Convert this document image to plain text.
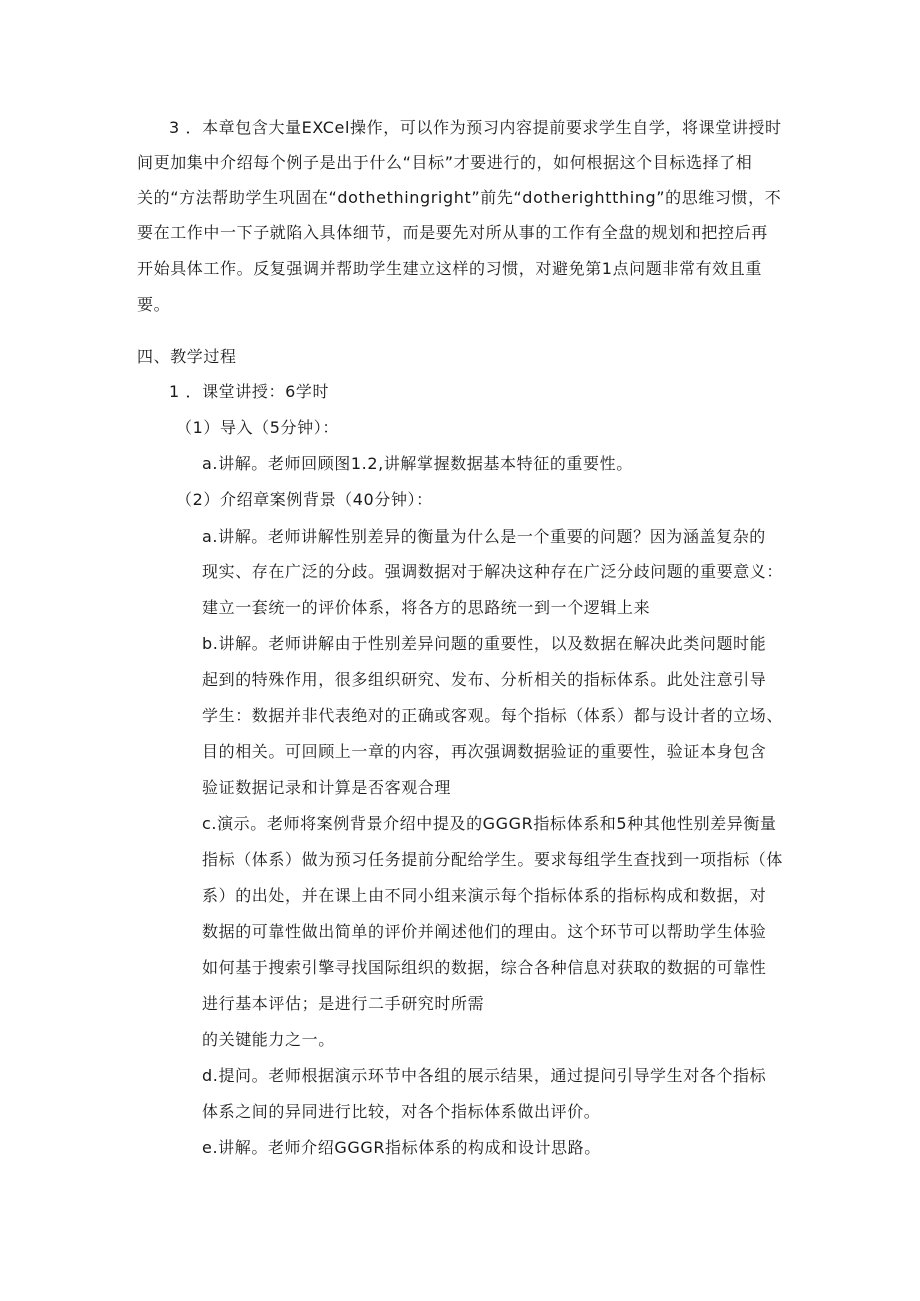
3 ．本章包含大量EXCel操作，可以作为预习内容提前要求学生自学，将课堂讲授时
间更加集中介绍每个例子是出于什么“目标”才要进行的，如何根据这个目标选择了相
关的“方法帮助学生巩固在“dothethingright”前先“dotherightthing”的思维习惯，不
要在工作中一下子就陷入具体细节，而是要先对所从事的工作有全盘的规划和把控后再
开始具体工作。反复强调并帮助学生建立这样的习惯，对避免第1点问题非常有效且重
要。
四、教学过程
1 ．课堂讲授：6学时
（1）导入（5分钟）：
a.讲解。老师回顾图1.2,讲解掌握数据基本特征的重要性。
（2）介绍章案例背景（40分钟）：
a.讲解。老师讲解性别差异的衡量为什么是一个重要的问题？因为涵盖复杂的
现实、存在广泛的分歧。强调数据对于解决这种存在广泛分歧问题的重要意义：
建立一套统一的评价体系，将各方的思路统一到一个逻辑上来
b.讲解。老师讲解由于性别差异问题的重要性，以及数据在解决此类问题时能
起到的特殊作用，很多组织研究、发布、分析相关的指标体系。此处注意引导
学生：数据并非代表绝对的正确或客观。每个指标（体系）都与设计者的立场、
目的相关。可回顾上一章的内容，再次强调数据验证的重要性，验证本身包含
验证数据记录和计算是否客观合理
c.演示。老师将案例背景介绍中提及的GGGR指标体系和5种其他性别差异衡量
指标（体系）做为预习任务提前分配给学生。要求每组学生查找到一项指标（体
系）的出处，并在课上由不同小组来演示每个指标体系的指标构成和数据，对
数据的可靠性做出简单的评价并阐述他们的理由。这个环节可以帮助学生体验
如何基于搜索引擎寻找国际组织的数据，综合各种信息对获取的数据的可靠性
进行基本评估；是进行二手研究时所需
的关键能力之一。
d.提问。老师根据演示环节中各组的展示结果，通过提问引导学生对各个指标
体系之间的异同进行比较，对各个指标体系做出评价。
e.讲解。老师介绍GGGR指标体系的构成和设计思路。
